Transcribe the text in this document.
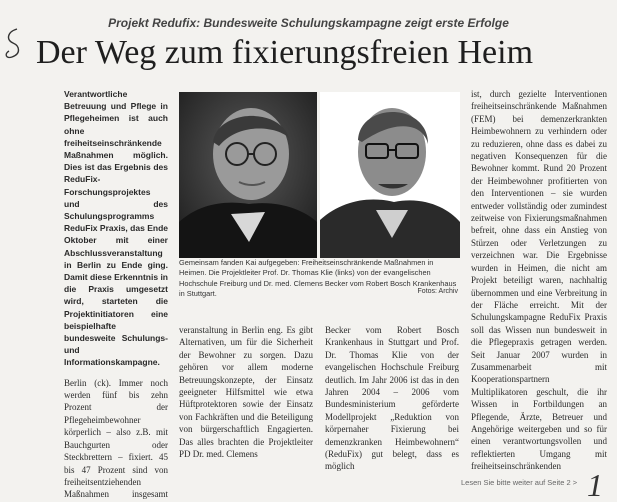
Projekt Redufix: Bundesweite Schulungskampagne zeigt erste Erfolge
Der Weg zum fixierungsfreien Heim

Verantwortliche Betreuung und Pflege in Pflegeheimen ist auch ohne freiheitseinschränkende Maßnahmen möglich. Dies ist das Ergebnis des ReduFix-Forschungsprojektes und des Schulungsprogramms ReduFix Praxis, das Ende Oktober mit einer Abschlussveranstaltung in Berlin zu Ende ging. Damit diese Erkenntnis in die Praxis umgesetzt wird, starteten die Projektinitiatoren eine beispielhafte bundesweite Schulungs- und Informationskampagne.

Berlin (ck). Immer noch werden fünf bis zehn Prozent der Pflegeheimbewohner körperlich – also z.B. mit Bauchgurten oder Steckbrettern – fixiert. 45 bis 47 Prozent sind von freiheitsentziehenden Maßnahmen insgesamt

Gemeinsam fanden Kai aufgegeben: Freiheitseinschränkende Maßnahmen in Heimen. Die Projektleiter Prof. Dr. Thomas Klie (links) von der evangelischen Hochschule Freiburg und Dr. med. Clemens Becker vom Robert Bosch Krankenhaus in Stuttgart.	Fotos: Archiv

veranstaltung in Berlin eng. Es gibt Alternativen, um für die Sicherheit der Bewohner zu sorgen. Dazu gehören vor allem moderne Betreuungskonzepte, der Einsatz geeigneter Hilfsmittel wie etwa Hüftprotektoren sowie der Einsatz von Fachkräften und die Beteiligung von bürgerschaftlich Engagierten. Das alles brachten die Projektleiter PD Dr. med. Clemens

Becker vom Robert Bosch Krankenhaus in Stuttgart und Prof. Dr. Thomas Klie von der evangelischen Hochschule Freiburg deutlich. Im Jahr 2006 ist das in den Jahren 2004 – 2006 vom Bundesministerium geförderte Modellprojekt „Reduktion von körpernaher Fixierung bei demenzkranken Heimbewohnern“ (ReduFix) gut belegt, dass es möglich

ist, durch gezielte Interventionen freiheitseinschränkende Maßnahmen (FEM) bei demenzerkrankten Heimbewohnern zu verhindern oder zu reduzieren, ohne dass es dabei zu negativen Konsequenzen für die Bewohner kommt. Rund 20 Prozent der Heimbewohner profitierten von den Interventionen – sie wurden entweder vollständig oder zumindest zeitweise von Fixierungsmaßnahmen befreit, ohne dass ein Anstieg von Stürzen oder Verletzungen zu verzeichnen war. Die Ergebnisse wurden in Heimen, die nicht am Projekt beteiligt waren, nachhaltig übernommen und eine Verbreitung in der Fläche erreicht. Mit der Schulungskampagne ReduFix Praxis soll das Wissen nun bundesweit in die Pflegepraxis getragen werden. Seit Januar 2007 wurden in Zusammenarbeit mit Kooperationspartnern Multiplikatoren geschult, die ihr Wissen in Fortbildungen an Pflegende, Ärzte, Betreuer und Angehörige weitergeben und so für einen verantwortungsvollen und reflektierten Umgang mit freiheitseinschränkenden

Lesen Sie bitte weiter auf Seite 2 > 1
